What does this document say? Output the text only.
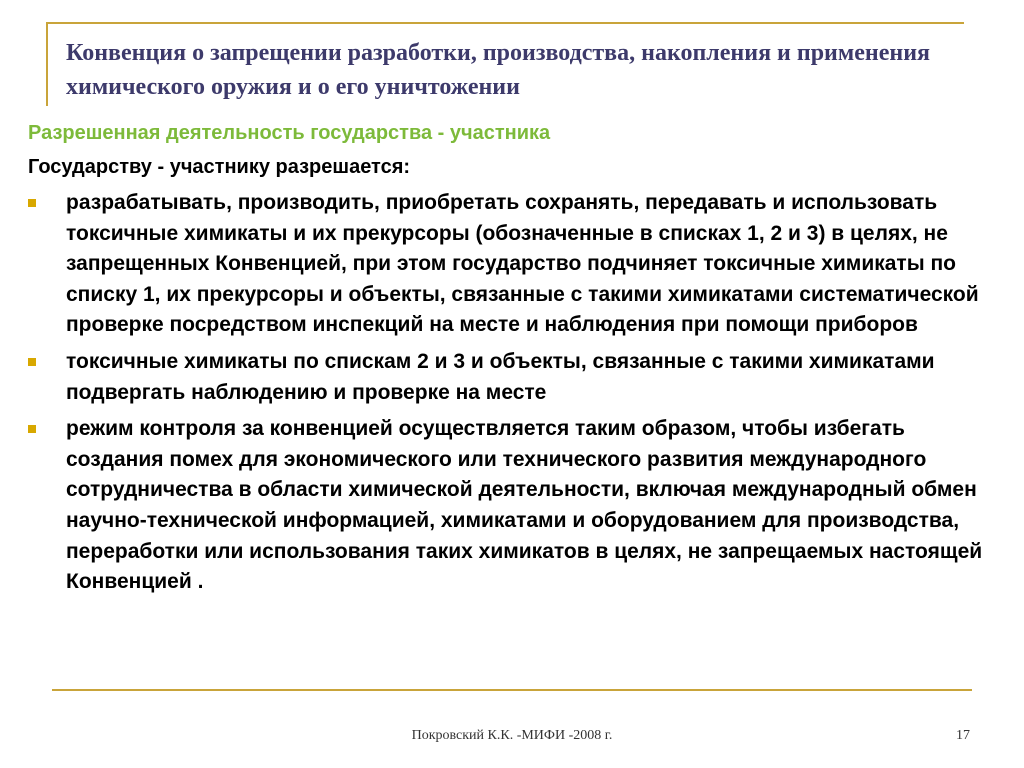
Конвенция о запрещении разработки, производства, накопления и применения химического оружия и о его уничтожении

Разрешенная деятельность государства - участника

Государству - участнику разрешается:

разрабатывать, производить, приобретать сохранять, передавать и использовать токсичные химикаты и их прекурсоры (обозначенные в списках 1, 2 и 3) в целях, не запрещенных Конвенцией, при этом государство подчиняет токсичные химикаты по списку 1, их прекурсоры и объекты, связанные с такими химикатами систематической проверке посредством инспекций на месте и наблюдения при помощи приборов
токсичные химикаты по спискам 2 и 3 и объекты, связанные с такими химикатами подвергать наблюдению и проверке на месте
режим контроля за конвенцией осуществляется таким образом, чтобы избегать создания помех для экономического или технического развития международного сотрудничества в области химической деятельности, включая международный обмен научно-технической информацией, химикатами и оборудованием для производства, переработки или использования таких химикатов в целях, не запрещаемых настоящей Конвенцией .
Покровский К.К. -МИФИ -2008 г.	17
